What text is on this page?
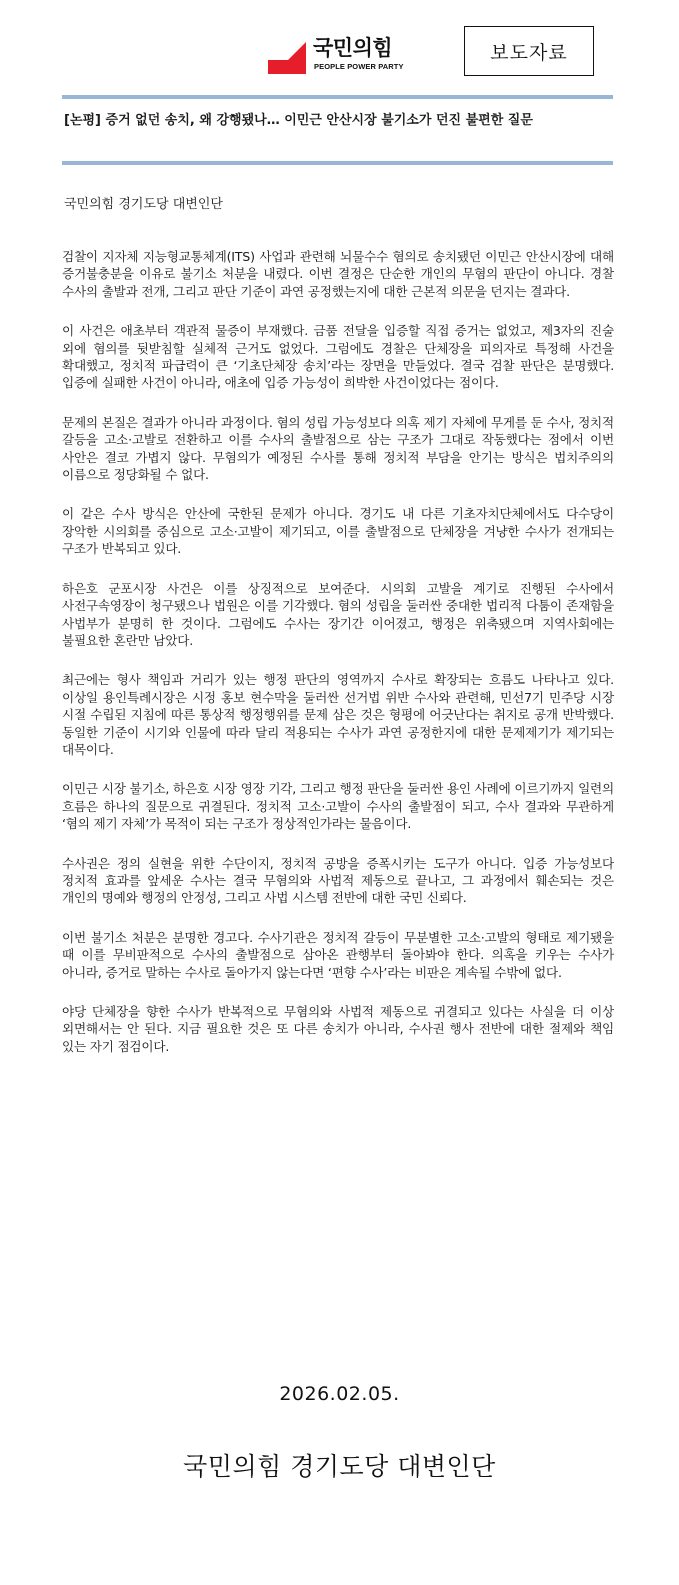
국민의힘
PEOPLE POWER PARTY
보도자료
[논평] 증거 없던 송치, 왜 강행됐나… 이민근 안산시장 불기소가 던진 불편한 질문
국민의힘 경기도당 대변인단

검찰이 지자체 지능형교통체계(ITS) 사업과 관련해 뇌물수수 혐의로 송치됐던 이민근 안산시장에 대해 증거불충분을 이유로 불기소 처분을 내렸다. 이번 결정은 단순한 개인의 무혐의 판단이 아니다. 경찰 수사의 출발과 전개, 그리고 판단 기준이 과연 공정했는지에 대한 근본적 의문을 던지는 결과다.

이 사건은 애초부터 객관적 물증이 부재했다. 금품 전달을 입증할 직접 증거는 없었고, 제3자의 진술 외에 혐의를 뒷받침할 실체적 근거도 없었다. 그럼에도 경찰은 단체장을 피의자로 특정해 사건을 확대했고, 정치적 파급력이 큰 ‘기초단체장 송치’라는 장면을 만들었다. 결국 검찰 판단은 분명했다. 입증에 실패한 사건이 아니라, 애초에 입증 가능성이 희박한 사건이었다는 점이다.

문제의 본질은 결과가 아니라 과정이다. 혐의 성립 가능성보다 의혹 제기 자체에 무게를 둔 수사, 정치적 갈등을 고소·고발로 전환하고 이를 수사의 출발점으로 삼는 구조가 그대로 작동했다는 점에서 이번 사안은 결코 가볍지 않다. 무혐의가 예정된 수사를 통해 정치적 부담을 안기는 방식은 법치주의의 이름으로 정당화될 수 없다.

이 같은 수사 방식은 안산에 국한된 문제가 아니다. 경기도 내 다른 기초자치단체에서도 다수당이 장악한 시의회를 중심으로 고소·고발이 제기되고, 이를 출발점으로 단체장을 겨냥한 수사가 전개되는 구조가 반복되고 있다.

하은호 군포시장 사건은 이를 상징적으로 보여준다. 시의회 고발을 계기로 진행된 수사에서 사전구속영장이 청구됐으나 법원은 이를 기각했다. 혐의 성립을 둘러싼 중대한 법리적 다툼이 존재함을 사법부가 분명히 한 것이다. 그럼에도 수사는 장기간 이어졌고, 행정은 위축됐으며 지역사회에는 불필요한 혼란만 남았다.

최근에는 형사 책임과 거리가 있는 행정 판단의 영역까지 수사로 확장되는 흐름도 나타나고 있다. 이상일 용인특례시장은 시정 홍보 현수막을 둘러싼 선거법 위반 수사와 관련해, 민선7기 민주당 시장 시절 수립된 지침에 따른 통상적 행정행위를 문제 삼은 것은 형평에 어긋난다는 취지로 공개 반박했다. 동일한 기준이 시기와 인물에 따라 달리 적용되는 수사가 과연 공정한지에 대한 문제제기가 제기되는 대목이다.

이민근 시장 불기소, 하은호 시장 영장 기각, 그리고 행정 판단을 둘러싼 용인 사례에 이르기까지 일련의 흐름은 하나의 질문으로 귀결된다. 정치적 고소·고발이 수사의 출발점이 되고, 수사 결과와 무관하게 ‘혐의 제기 자체’가 목적이 되는 구조가 정상적인가라는 물음이다.

수사권은 정의 실현을 위한 수단이지, 정치적 공방을 증폭시키는 도구가 아니다. 입증 가능성보다 정치적 효과를 앞세운 수사는 결국 무혐의와 사법적 제동으로 끝나고, 그 과정에서 훼손되는 것은 개인의 명예와 행정의 안정성, 그리고 사법 시스템 전반에 대한 국민 신뢰다.

이번 불기소 처분은 분명한 경고다. 수사기관은 정치적 갈등이 무분별한 고소·고발의 형태로 제기됐을 때 이를 무비판적으로 수사의 출발점으로 삼아온 관행부터 돌아봐야 한다. 의혹을 키우는 수사가 아니라, 증거로 말하는 수사로 돌아가지 않는다면 ‘편향 수사’라는 비판은 계속될 수밖에 없다.

야당 단체장을 향한 수사가 반복적으로 무혐의와 사법적 제동으로 귀결되고 있다는 사실을 더 이상 외면해서는 안 된다. 지금 필요한 것은 또 다른 송치가 아니라, 수사권 행사 전반에 대한 절제와 책임 있는 자기 점검이다.

2026.02.05.
국민의힘 경기도당 대변인단
